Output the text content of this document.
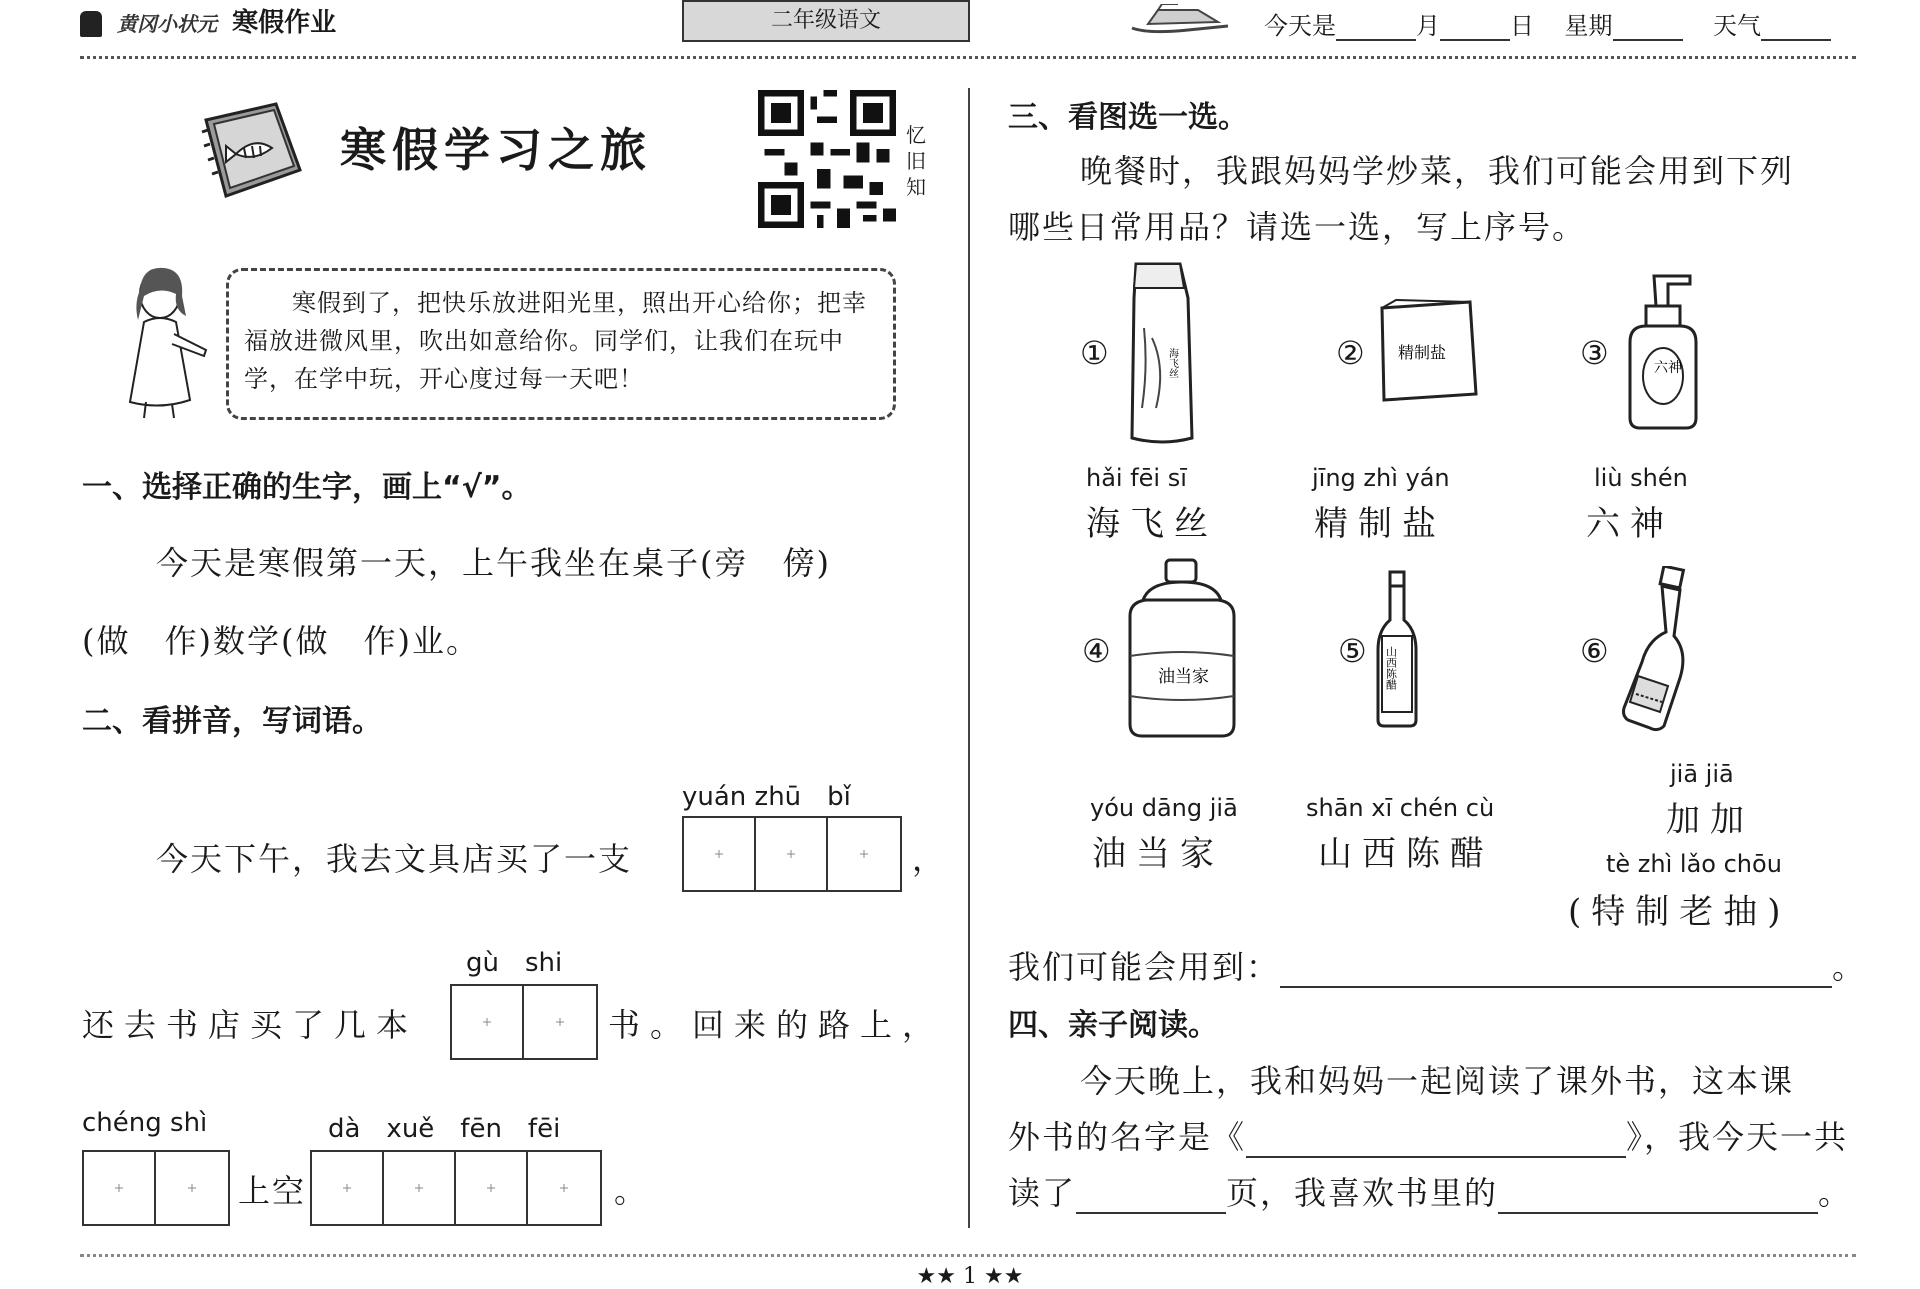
黄冈小状元 寒假作业	二年级语文	今天是	月	日 星期	天气
寒假学习之旅	忆旧知
寒假到了，把快乐放进阳光里，照出开心给你；把幸福放进微风里，吹出如意给你。同学们，让我们在玩中学，在学中玩，开心度过每一天吧！
一、选择正确的生字，画上“√”。
今天是寒假第一天，上午我坐在桌子(旁　傍)
(做　作)数学(做　作)业。
二、看拼音，写词语。
yuán zhū　bǐ
今天下午，我去文具店买了一支	，
gù　shi
还去书店买了几本	书。回来的路上，
chéng shì	dà　xuě　fēn　fēi
上空	。
三、看图选一选。
晚餐时，我跟妈妈学炒菜，我们可能会用到下列
哪些日常用品？请选一选，写上序号。
①	海飞丝
hǎi fēi sī
海飞丝
② 精制盐
jīng zhì yán
精制盐
③	六神
liù shén
六神
④
油当家
yóu dāng jiā
油当家
⑤ 山西陈醋
shān xī chén cù
山西陈醋
⑥
jiā jiā
加加
tè zhì lǎo chōu
(特制老抽)
我们可能会用到：	。
四、亲子阅读。
今天晚上，我和妈妈一起阅读了课外书，这本课
外书的名字是《	》，我今天一共
读了	页，我喜欢书里的	。
★★ 1 ★★
